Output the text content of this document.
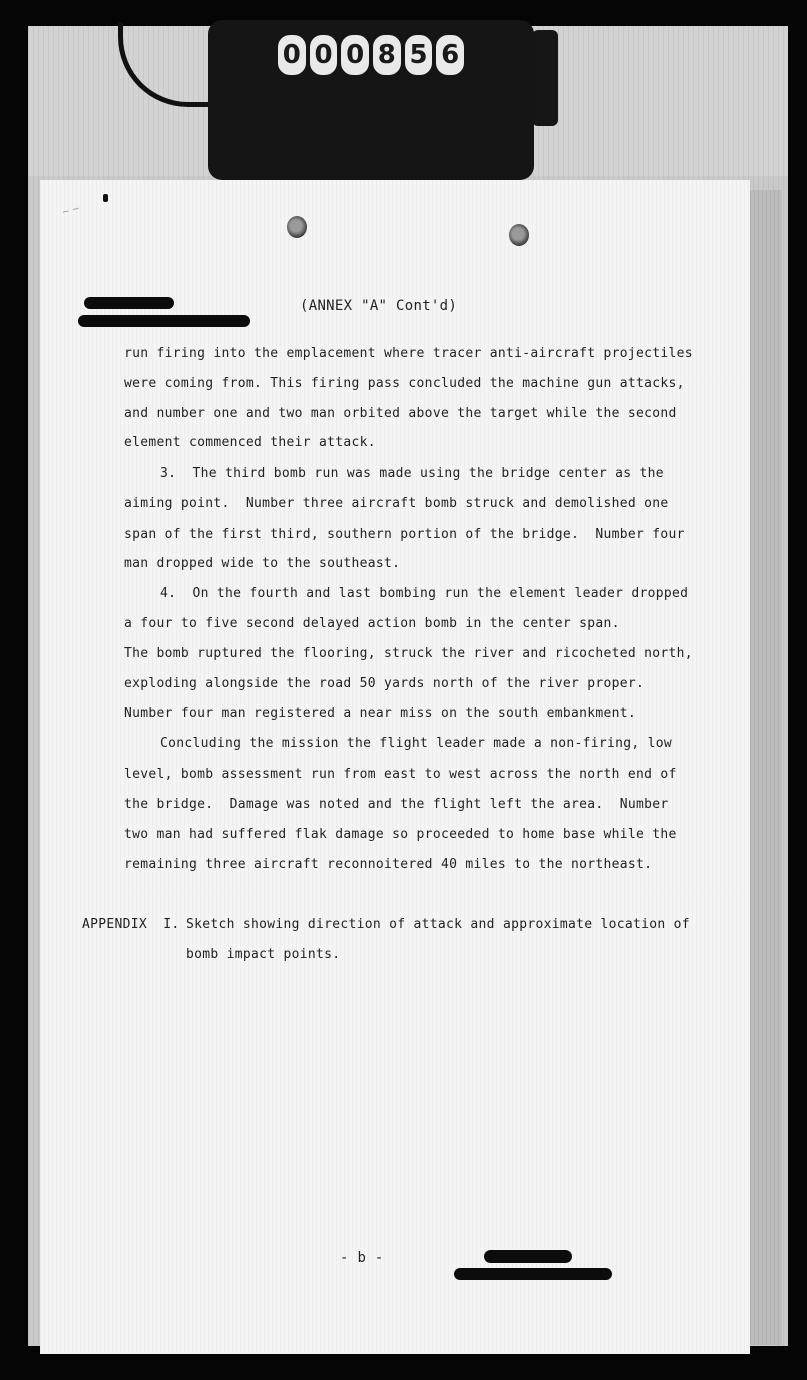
0 0 0 8 5 6
~ ~
(ANNEX "A" Cont'd)

run firing into the emplacement where tracer anti-aircraft projectiles

were coming from. This firing pass concluded the machine gun attacks,

and number one and two man orbited above the target while the second

element commenced their attack.

3.  The third bomb run was made using the bridge center as the

aiming point.  Number three aircraft bomb struck and demolished one

span of the first third, southern portion of the bridge.  Number four

man dropped wide to the southeast.

4.  On the fourth and last bombing run the element leader dropped

a four to five second delayed action bomb in the center span.

The bomb ruptured the flooring, struck the river and ricocheted north,

exploding alongside the road 50 yards north of the river proper.

Number four man registered a near miss on the south embankment.

Concluding the mission the flight leader made a non-firing, low

level, bomb assessment run from east to west across the north end of

the bridge.  Damage was noted and the flight left the area.  Number

two man had suffered flak damage so proceeded to home base while the

remaining three aircraft reconnoitered 40 miles to the northeast.

APPENDIX  I. Sketch showing direction of attack and approximate location of
bomb impact points.
- b -
